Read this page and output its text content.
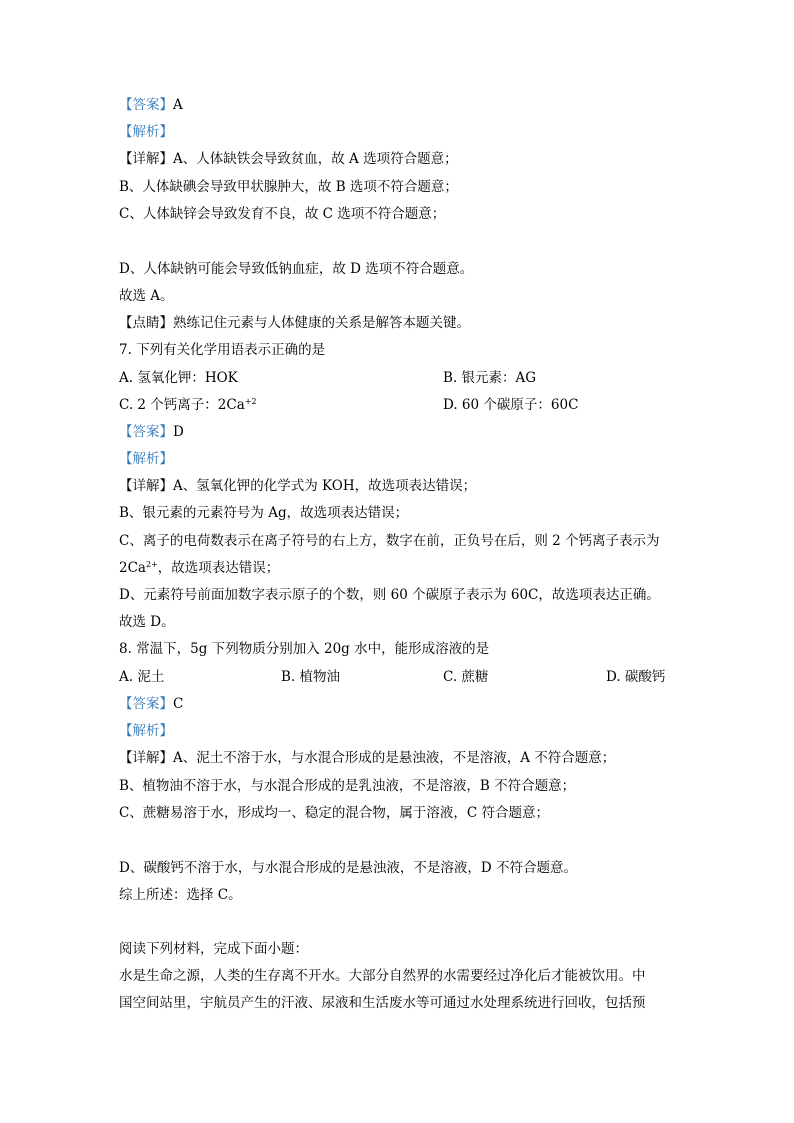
【答案】A
【解析】
【详解】A、人体缺铁会导致贫血，故 A 选项符合题意；
B、人体缺碘会导致甲状腺肿大，故 B 选项不符合题意；
C、人体缺锌会导致发育不良，故 C 选项不符合题意；
D、人体缺钠可能会导致低钠血症，故 D 选项不符合题意。
故选 A。
【点睛】熟练记住元素与人体健康的关系是解答本题关键。
7. 下列有关化学用语表示正确的是
A. 氢氧化钾：HOK	B. 银元素：AG
C. 2 个钙离子：$2Ca^{+2}$	D. 60 个碳原子：60C
【答案】D
【解析】
【详解】A、氢氧化钾的化学式为 KOH，故选项表达错误；
B、银元素的元素符号为 Ag，故选项表达错误；
C、离子的电荷数表示在离子符号的右上方，数字在前，正负号在后，则 2 个钙离子表示为
$2Ca^{2+}$，故选项表达错误；
D、元素符号前面加数字表示原子的个数，则 60 个碳原子表示为 60C，故选项表达正确。
故选 D。
8. 常温下，5g 下列物质分别加入 20g 水中，能形成溶液的是
A. 泥土	B. 植物油	C. 蔗糖	D. 碳酸钙
【答案】C
【解析】
【详解】A、泥土不溶于水，与水混合形成的是悬浊液，不是溶液，A 不符合题意；
B、植物油不溶于水，与水混合形成的是乳浊液，不是溶液，B 不符合题意；
C、蔗糖易溶于水，形成均一、稳定的混合物，属于溶液，C 符合题意；
D、碳酸钙不溶于水，与水混合形成的是悬浊液，不是溶液，D 不符合题意。
综上所述：选择 C。
阅读下列材料，完成下面小题：
水是生命之源，人类的生存离不开水。大部分自然界的水需要经过净化后才能被饮用。中
国空间站里，宇航员产生的汗液、尿液和生活废水等可通过水处理系统进行回收，包括预
